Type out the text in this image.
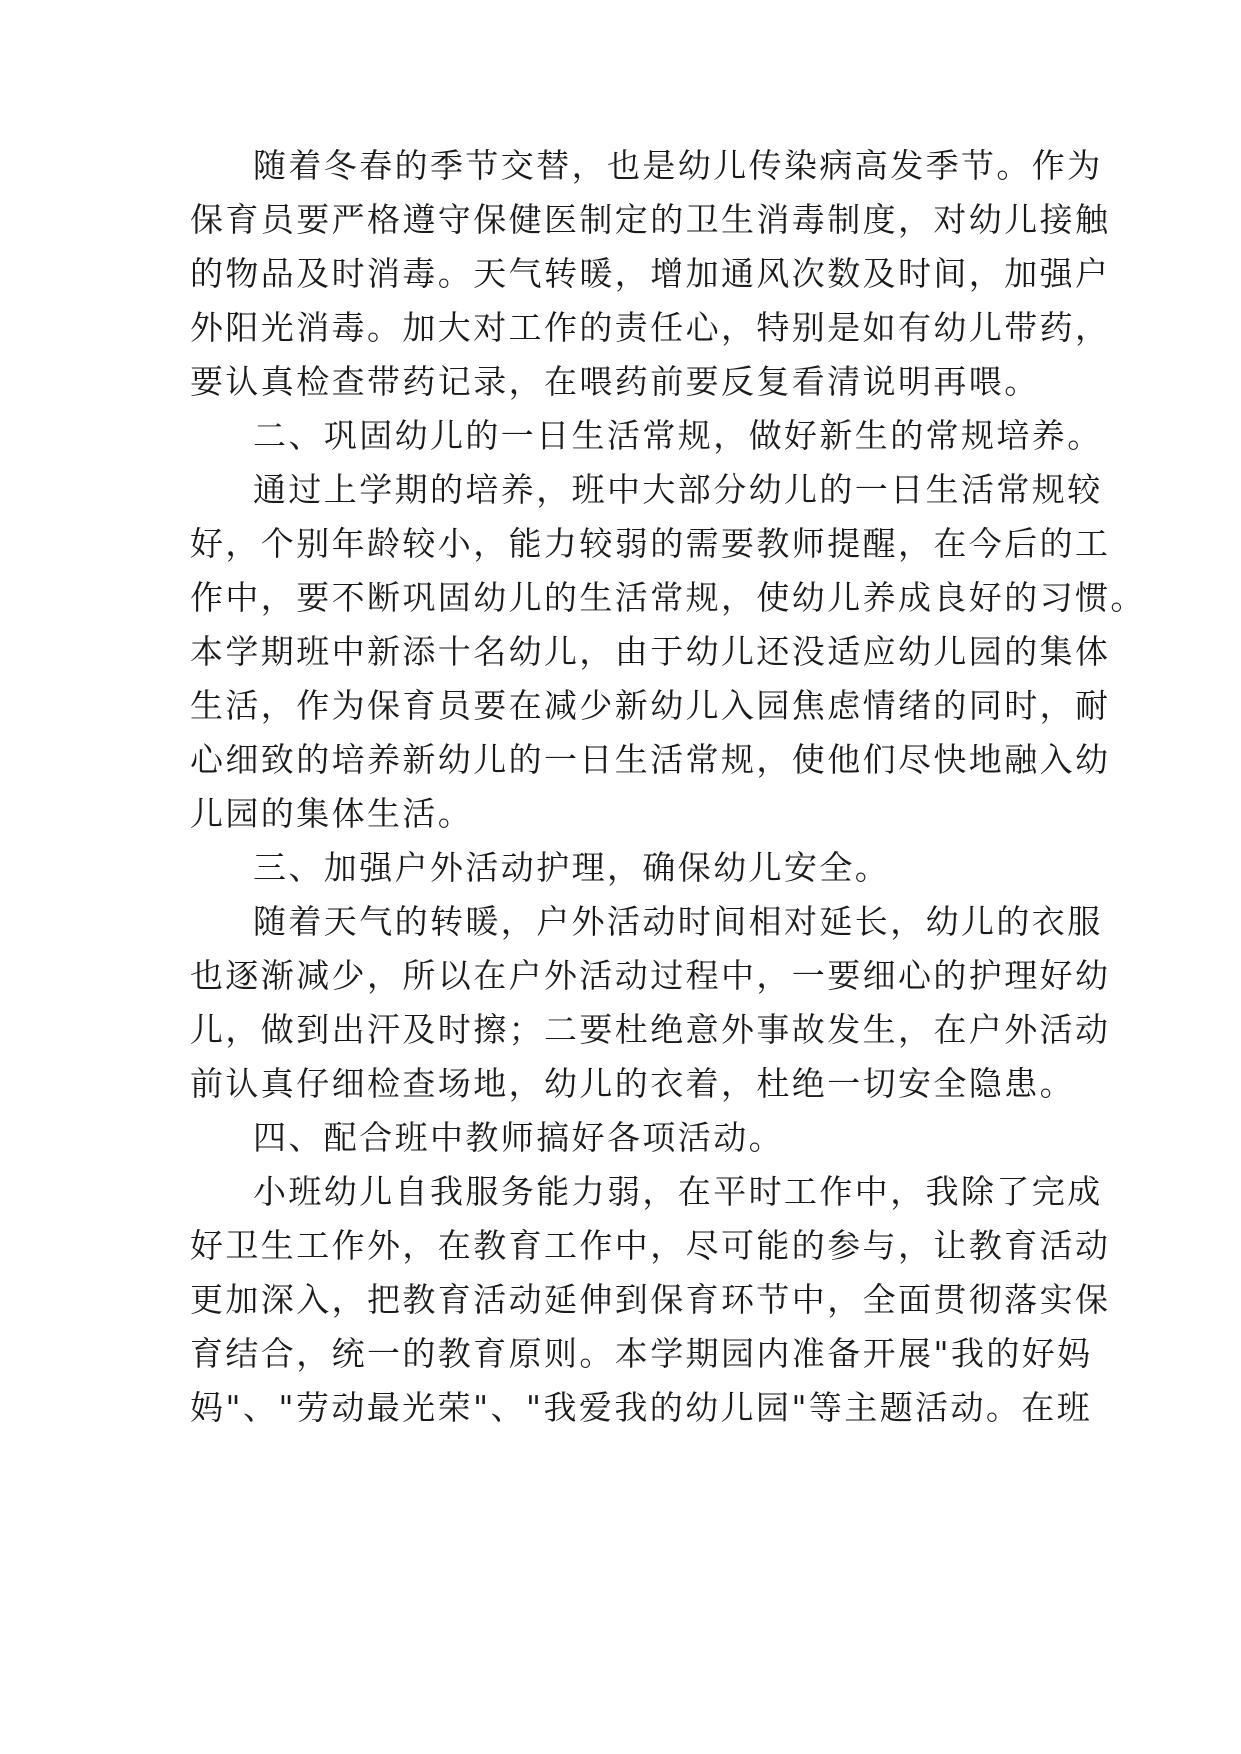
随着冬春的季节交替，也是幼儿传染病高发季节。作为
保育员要严格遵守保健医制定的卫生消毒制度，对幼儿接触
的物品及时消毒。天气转暖，增加通风次数及时间，加强户
外阳光消毒。加大对工作的责任心，特别是如有幼儿带药，
要认真检查带药记录，在喂药前要反复看清说明再喂。
二、巩固幼儿的一日生活常规，做好新生的常规培养。
通过上学期的培养，班中大部分幼儿的一日生活常规较
好，个别年龄较小，能力较弱的需要教师提醒，在今后的工
作中，要不断巩固幼儿的生活常规，使幼儿养成良好的习惯。
本学期班中新添十名幼儿，由于幼儿还没适应幼儿园的集体
生活，作为保育员要在减少新幼儿入园焦虑情绪的同时，耐
心细致的培养新幼儿的一日生活常规，使他们尽快地融入幼
儿园的集体生活。
三、加强户外活动护理，确保幼儿安全。
随着天气的转暖，户外活动时间相对延长，幼儿的衣服
也逐渐减少，所以在户外活动过程中，一要细心的护理好幼
儿，做到出汗及时擦；二要杜绝意外事故发生，在户外活动
前认真仔细检查场地，幼儿的衣着，杜绝一切安全隐患。
四、配合班中教师搞好各项活动。
小班幼儿自我服务能力弱，在平时工作中，我除了完成
好卫生工作外，在教育工作中，尽可能的参与，让教育活动
更加深入，把教育活动延伸到保育环节中，全面贯彻落实保
育结合，统一的教育原则。本学期园内准备开展"我的好妈
妈"、"劳动最光荣"、"我爱我的幼儿园"等主题活动。在班
